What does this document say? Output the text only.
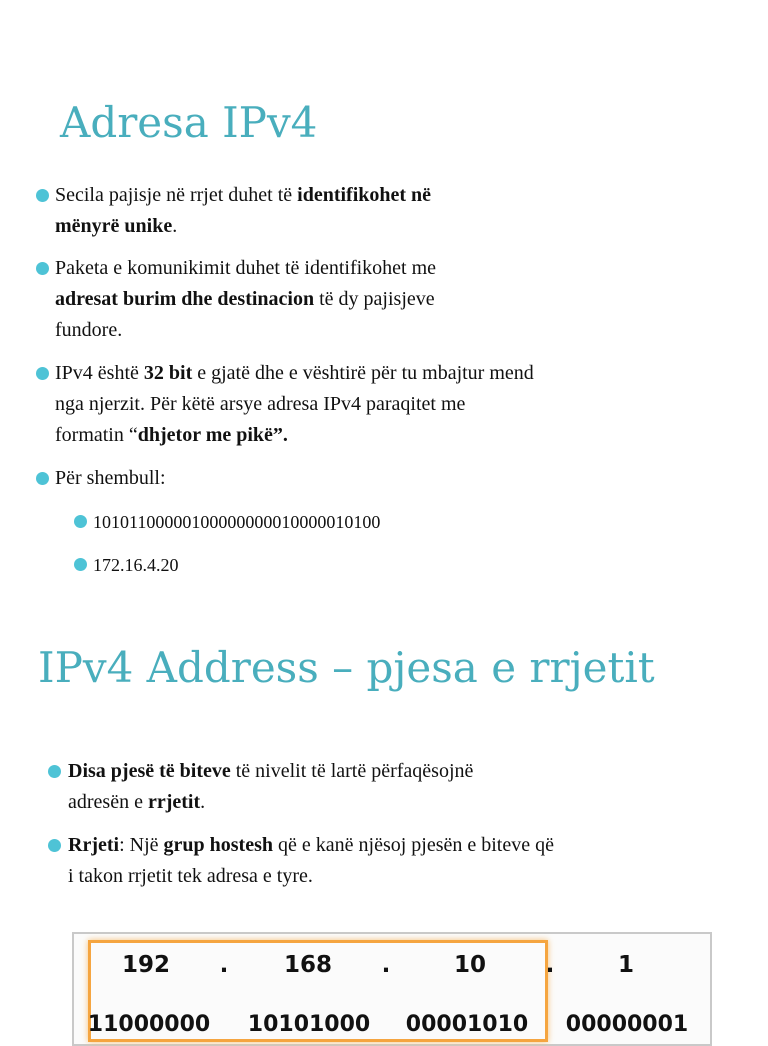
Adresa IPv4
Secila pajisje në rrjet duhet të identifikohet në
mënyrë unike.
Paketa e komunikimit duhet të identifikohet me
adresat burim dhe destinacion të dy pajisjeve
fundore.
IPv4 është 32 bit e gjatë dhe e vështirë për tu mbajtur mend
nga njerzit. Për këtë arsye adresa IPv4 paraqitet me
formatin “dhjetor me pikë”.
Për shembull:
10101100000100000000010000010100
172.16.4.20
IPv4 Address – pjesa e rrjetit
Disa pjesë të biteve të nivelit të lartë përfaqësojnë
adresën e rrjetit.
Rrjeti: Një grup hostesh që e kanë njësoj pjesën e biteve që
i takon rrjetit tek adresa e tyre.
192	.	168	.	10	.	1
11000000 10101000 00001010 00000001
